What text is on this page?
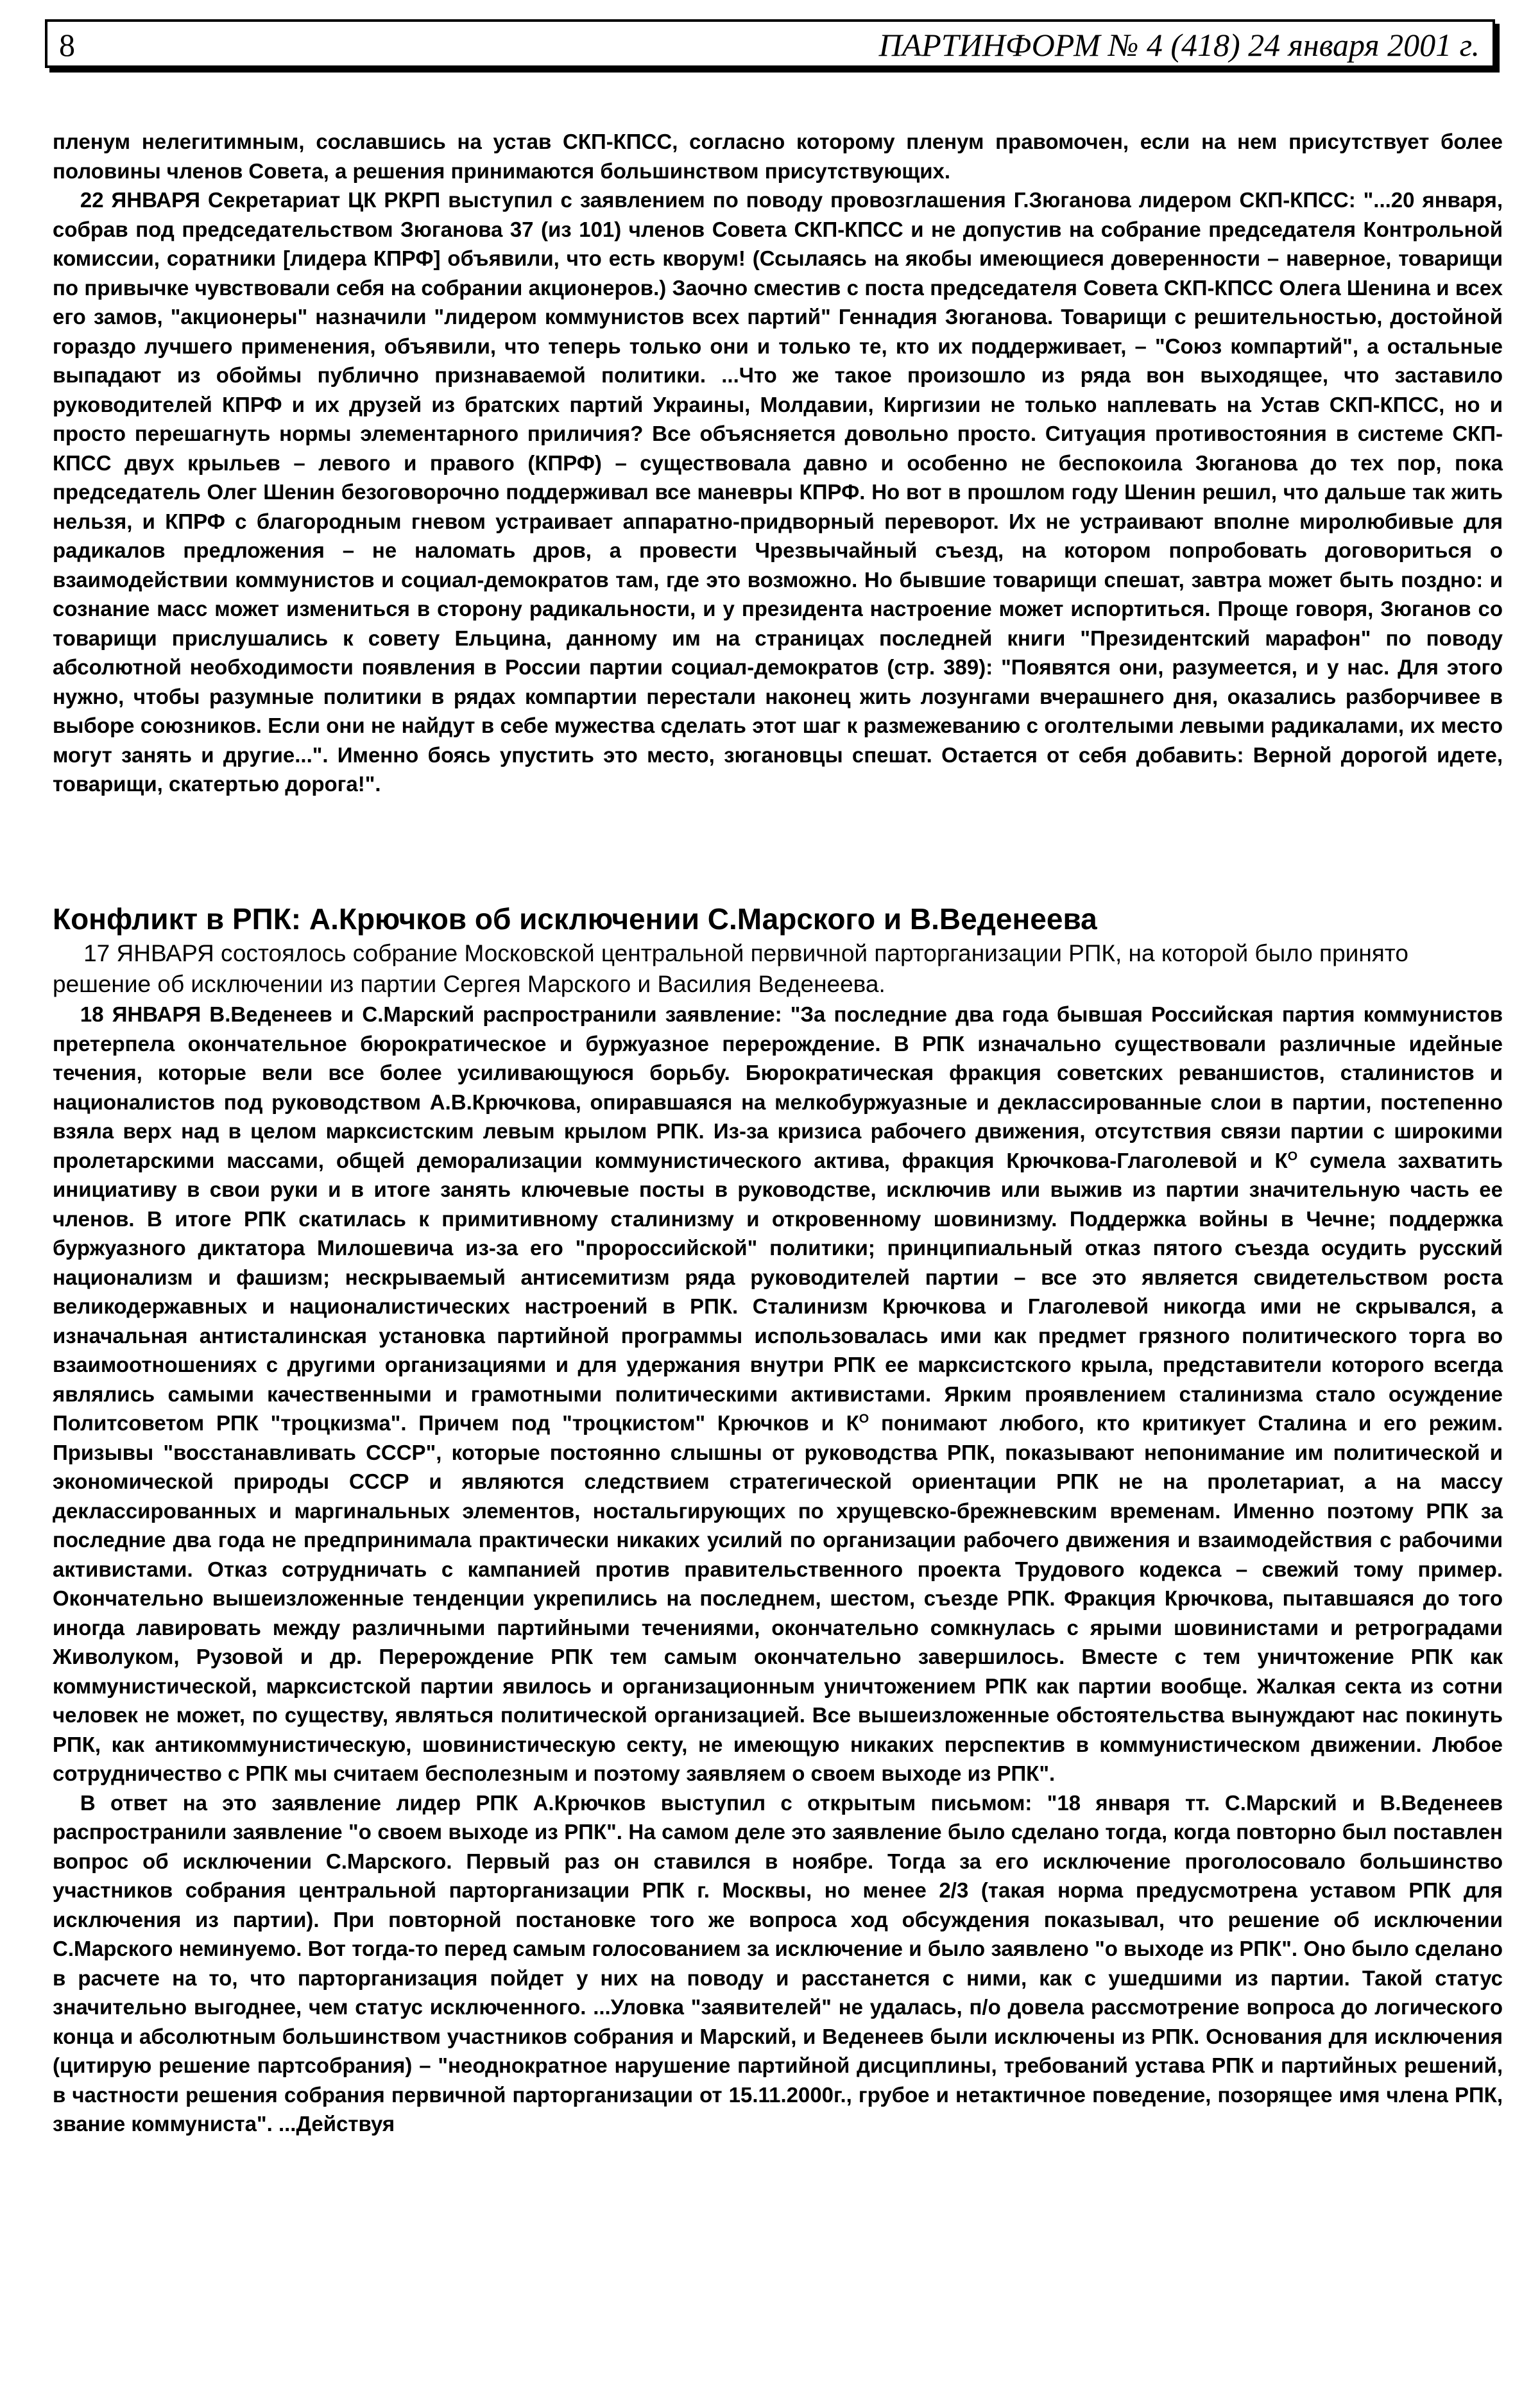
8	ПАРТИНФОРМ № 4 (418) 24 января 2001 г.

пленум нелегитимным, сославшись на устав СКП-КПСС, согласно которому пленум правомочен, если на нем присутствует более половины членов Совета, а решения принимаются большинством присутствующих.

22 ЯНВАРЯ Секретариат ЦК РКРП выступил с заявлением по поводу провозглашения Г.Зюганова лидером СКП-КПСС: "...20 января, собрав под председательством Зюганова 37 (из 101) членов Совета СКП-КПСС и не допустив на собрание председателя Контрольной комиссии, соратники [лидера КПРФ] объявили, что есть кворум! (Ссылаясь на якобы имеющиеся доверенности – наверное, товарищи по привычке чувствовали себя на собрании акционеров.) Заочно сместив с поста председателя Совета СКП-КПСС Олега Шенина и всех его замов, "акционеры" назначили "лидером коммунистов всех партий" Геннадия Зюганова. Товарищи с решительностью, достойной гораздо лучшего применения, объявили, что теперь только они и только те, кто их поддерживает, – "Союз компартий", а остальные выпадают из обоймы публично признаваемой политики. ...Что же такое произошло из ряда вон выходящее, что заставило руководителей КПРФ и их друзей из братских партий Украины, Молдавии, Киргизии не только наплевать на Устав СКП-КПСС, но и просто перешагнуть нормы элементарного приличия? Все объясняется довольно просто. Ситуация противостояния в системе СКП-КПСС двух крыльев – левого и правого (КПРФ) – существовала давно и особенно не беспокоила Зюганова до тех пор, пока председатель Олег Шенин безоговорочно поддерживал все маневры КПРФ. Но вот в прошлом году Шенин решил, что дальше так жить нельзя, и КПРФ с благородным гневом устраивает аппаратно-придворный переворот. Их не устраивают вполне миролюбивые для радикалов предложения – не наломать дров, а провести Чрезвычайный съезд, на котором попробовать договориться о взаимодействии коммунистов и социал-демократов там, где это возможно. Но бывшие товарищи спешат, завтра может быть поздно: и сознание масс может измениться в сторону радикальности, и у президента настроение может испортиться. Проще говоря, Зюганов со товарищи прислушались к совету Ельцина, данному им на страницах последней книги "Президентский марафон" по поводу абсолютной необходимости появления в России партии социал-демократов (стр. 389): "Появятся они, разумеется, и у нас. Для этого нужно, чтобы разумные политики в рядах компартии перестали наконец жить лозунгами вчерашнего дня, оказались разборчивее в выборе союзников. Если они не найдут в себе мужества сделать этот шаг к размежеванию с оголтелыми левыми радикалами, их место могут занять и другие...". Именно боясь упустить это место, зюгановцы спешат. Остается от себя добавить: Верной дорогой идете, товарищи, скатертью дорога!".

Конфликт в РПК: А.Крючков об исключении С.Марского и В.Веденеева

17 ЯНВАРЯ состоялось собрание Московской центральной первичной парторганизации РПК, на которой было принято решение об исключении из партии Сергея Марского и Василия Веденеева.

18 ЯНВАРЯ В.Веденеев и С.Марский распространили заявление: "За последние два года бывшая Российская партия коммунистов претерпела окончательное бюрократическое и буржуазное перерождение. В РПК изначально существовали различные идейные течения, которые вели все более усиливающуюся борьбу. Бюрократическая фракция советских реваншистов, сталинистов и националистов под руководством А.В.Крючкова, опиравшаяся на мелкобуржуазные и деклассированные слои в партии, постепенно взяла верх над в целом марксистским левым крылом РПК. Из-за кризиса рабочего движения, отсутствия связи партии с широкими пролетарскими массами, общей деморализации коммунистического актива, фракция Крючкова-Глаголевой и $К^О$ сумела захватить инициативу в свои руки и в итоге занять ключевые посты в руководстве, исключив или выжив из партии значительную часть ее членов. В итоге РПК скатилась к примитивному сталинизму и откровенному шовинизму. Поддержка войны в Чечне; поддержка буржуазного диктатора Милошевича из-за его "пророссийской" политики; принципиальный отказ пятого съезда осудить русский национализм и фашизм; нескрываемый антисемитизм ряда руководителей партии – все это является свидетельством роста великодержавных и националистических настроений в РПК. Сталинизм Крючкова и Глаголевой никогда ими не скрывался, а изначальная антисталинская установка партийной программы использовалась ими как предмет грязного политического торга во взаимоотношениях с другими организациями и для удержания внутри РПК ее марксистского крыла, представители которого всегда являлись самыми качественными и грамотными политическими активистами. Ярким проявлением сталинизма стало осуждение Политсоветом РПК "троцкизма". Причем под "троцкистом" Крючков и $К^О$ понимают любого, кто критикует Сталина и его режим. Призывы "восстанавливать СССР", которые постоянно слышны от руководства РПК, показывают непонимание им политической и экономической природы СССР и являются следствием стратегической ориентации РПК не на пролетариат, а на массу деклассированных и маргинальных элементов, ностальгирующих по хрущевско-брежневским временам. Именно поэтому РПК за последние два года не предпринимала практически никаких усилий по организации рабочего движения и взаимодействия с рабочими активистами. Отказ сотрудничать с кампанией против правительственного проекта Трудового кодекса – свежий тому пример. Окончательно вышеизложенные тенденции укрепились на последнем, шестом, съезде РПК. Фракция Крючкова, пытавшаяся до того иногда лавировать между различными партийными течениями, окончательно сомкнулась с ярыми шовинистами и ретроградами Живолуком, Рузовой и др. Перерождение РПК тем самым окончательно завершилось. Вместе с тем уничтожение РПК как коммунистической, марксистской партии явилось и организационным уничтожением РПК как партии вообще. Жалкая секта из сотни человек не может, по существу, являться политической организацией. Все вышеизложенные обстоятельства вынуждают нас покинуть РПК, как антикоммунистическую, шовинистическую секту, не имеющую никаких перспектив в коммунистическом движении. Любое сотрудничество с РПК мы считаем бесполезным и поэтому заявляем о своем выходе из РПК".

В ответ на это заявление лидер РПК А.Крючков выступил с открытым письмом: "18 января тт. С.Марский и В.Веденеев распространили заявление "о своем выходе из РПК". На самом деле это заявление было сделано тогда, когда повторно был поставлен вопрос об исключении С.Марского. Первый раз он ставился в ноябре. Тогда за его исключение проголосовало большинство участников собрания центральной парторганизации РПК г. Москвы, но менее 2/3 (такая норма предусмотрена уставом РПК для исключения из партии). При повторной постановке того же вопроса ход обсуждения показывал, что решение об исключении С.Марского неминуемо. Вот тогда-то перед самым голосованием за исключение и было заявлено "о выходе из РПК". Оно было сделано в расчете на то, что парторганизация пойдет у них на поводу и расстанется с ними, как с ушедшими из партии. Такой статус значительно выгоднее, чем статус исключенного. ...Уловка "заявителей" не удалась, п/о довела рассмотрение вопроса до логического конца и абсолютным большинством участников собрания и Марский, и Веденеев были исключены из РПК. Основания для исключения (цитирую решение партсобрания) – "неоднократное нарушение партийной дисциплины, требований устава РПК и партийных решений, в частности решения собрания первичной парторганизации от 15.11.2000г., грубое и нетактичное поведение, позорящее имя члена РПК, звание коммуниста". ...Действуя
